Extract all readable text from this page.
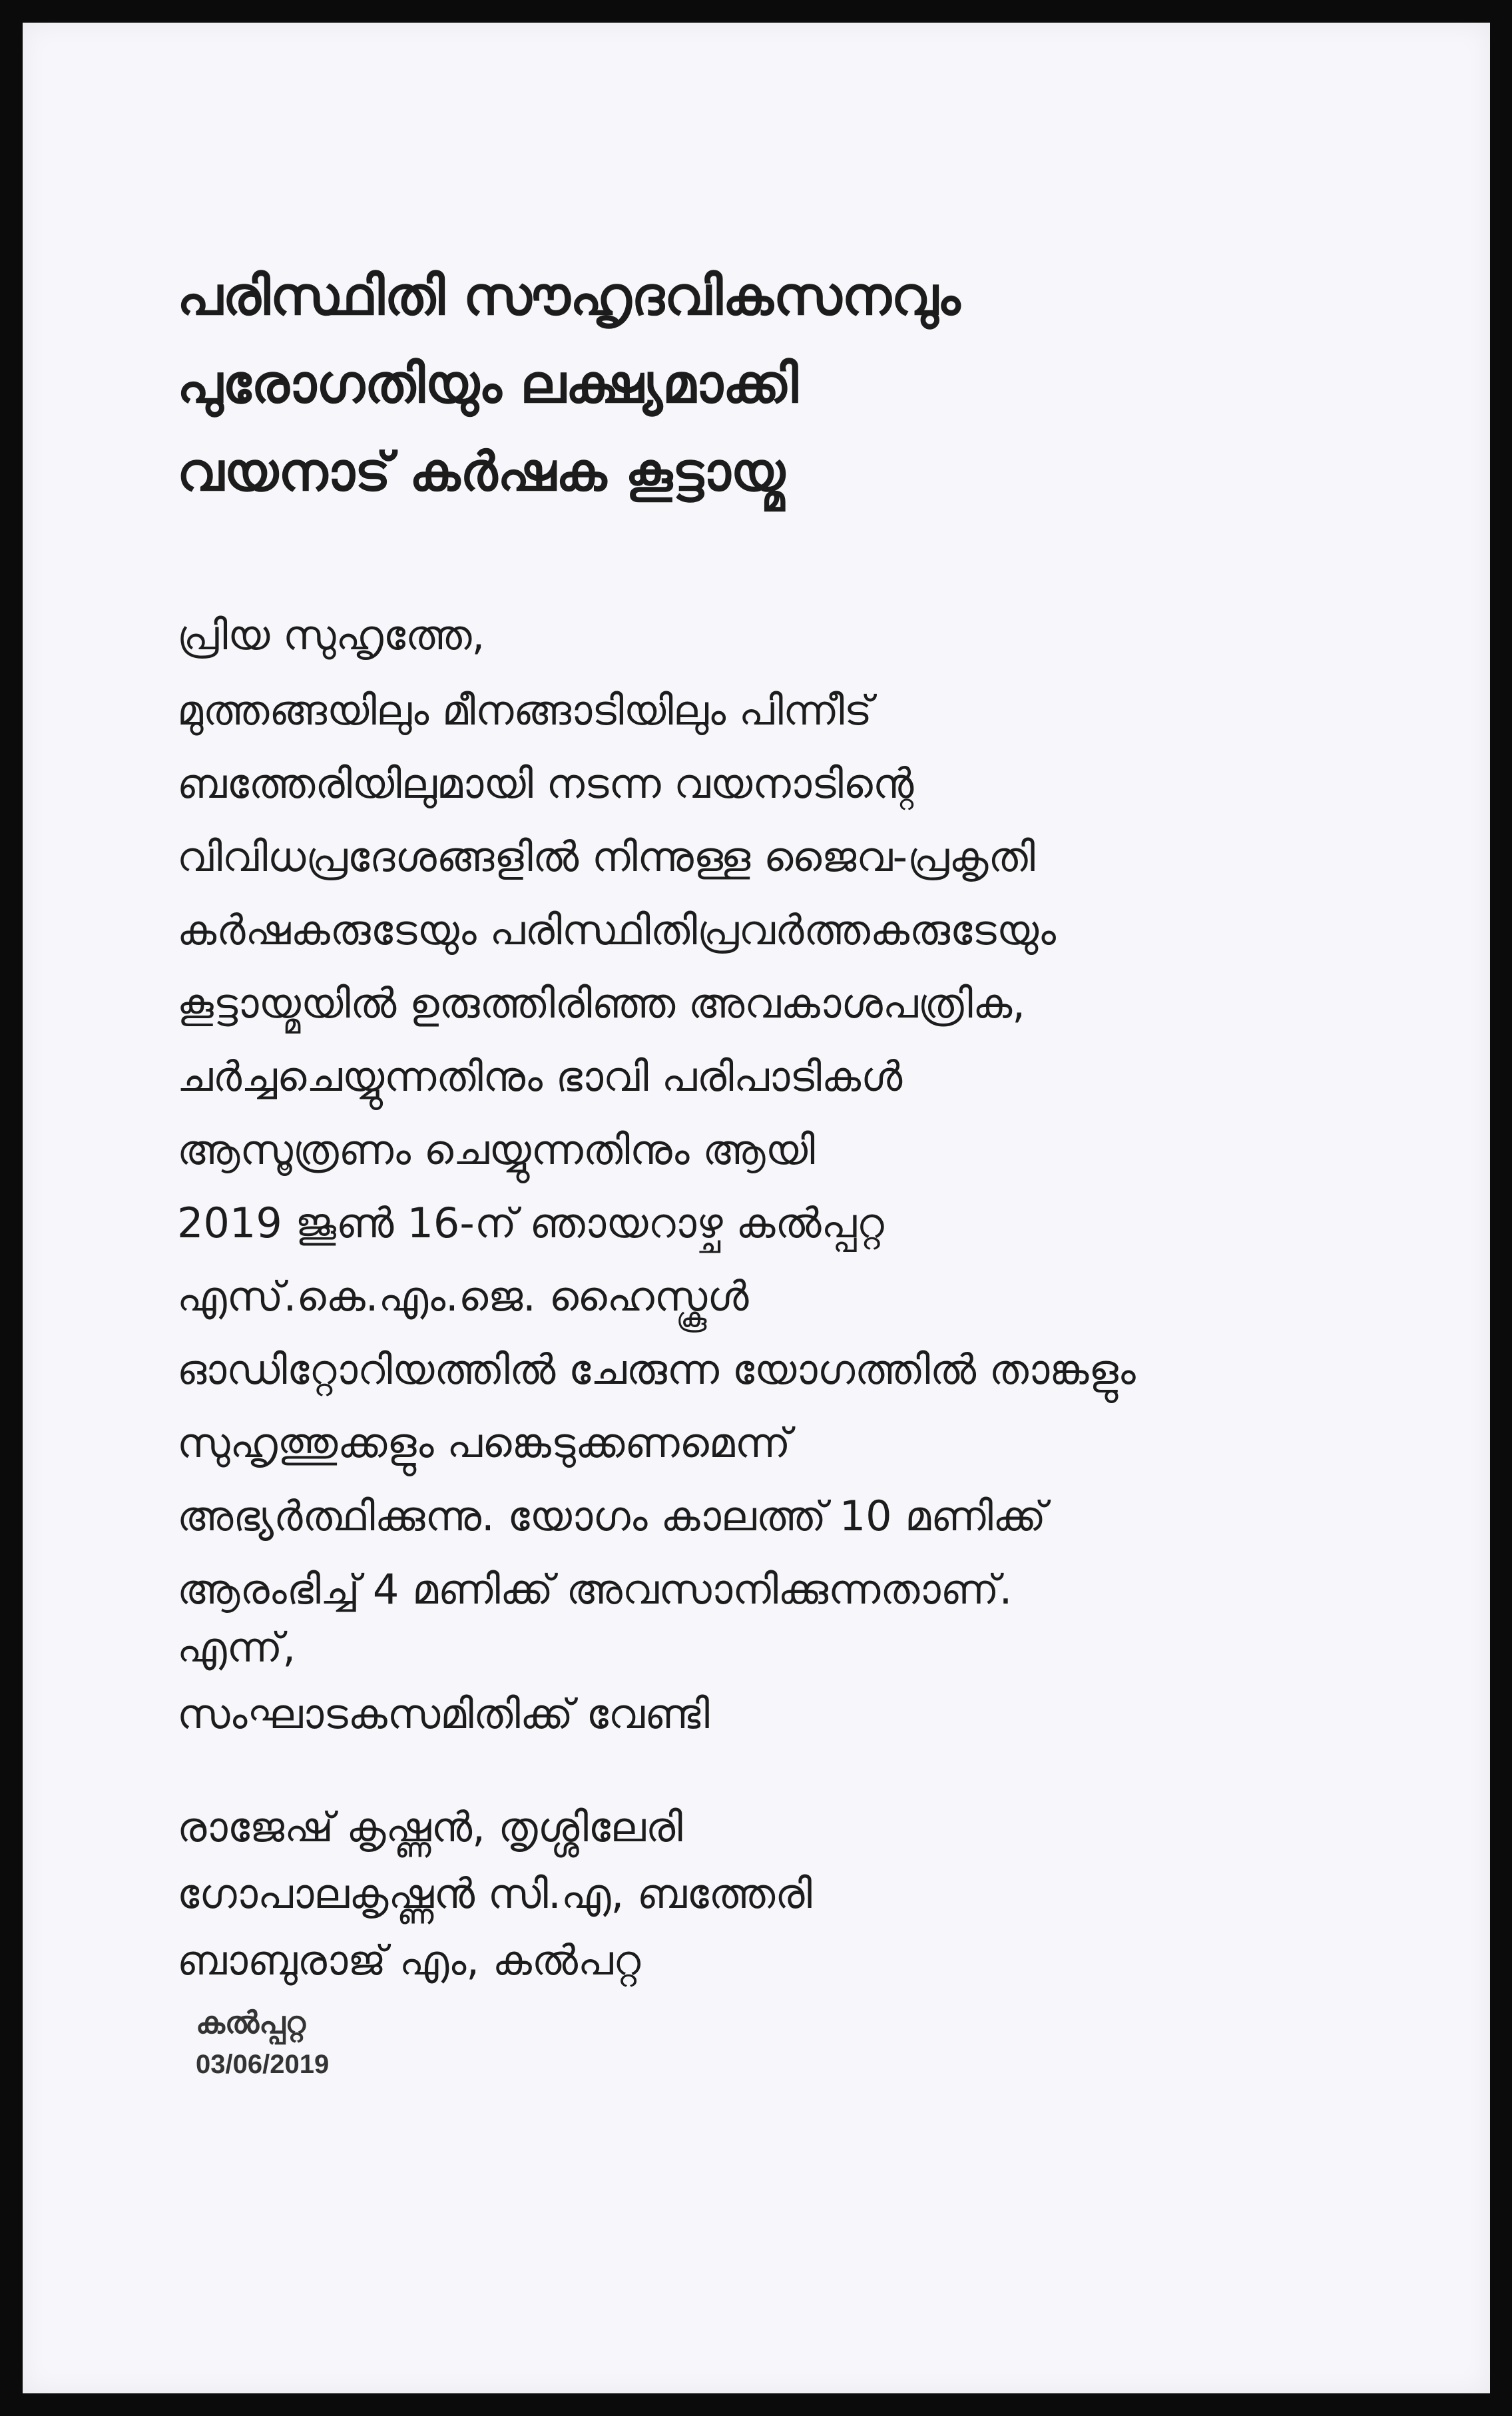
പരിസ്ഥിതി സൗഹൃദവികസനവും
പുരോഗതിയും ലക്ഷ്യമാക്കി
വയനാട് കർഷക കൂട്ടായ്മ
പ്രിയ സുഹൃത്തേ,
മുത്തങ്ങയിലും മീനങ്ങാടിയിലും പിന്നീട്
ബത്തേരിയിലുമായി നടന്ന വയനാടിന്റെ
വിവിധപ്രദേശങ്ങളിൽ നിന്നുള്ള ജൈവ-പ്രകൃതി
കർഷകരുടേയും പരിസ്ഥിതിപ്രവർത്തകരുടേയും
കൂട്ടായ്മയിൽ ഉരുത്തിരിഞ്ഞ അവകാശപത്രിക,
ചർച്ചചെയ്യുന്നതിനും ഭാവി പരിപാടികൾ
ആസൂത്രണം ചെയ്യുന്നതിനും ആയി
2019 ജൂൺ 16-ന് ഞായറാഴ്ച കൽപ്പറ്റ
എസ്.കെ.എം.ജെ. ഹൈസ്കൂൾ
ഓഡിറ്റോറിയത്തിൽ ചേരുന്ന യോഗത്തിൽ താങ്കളും
സുഹൃത്തുക്കളും പങ്കെടുക്കണമെന്ന്
അഭ്യർത്ഥിക്കുന്നു. യോഗം കാലത്ത് 10 മണിക്ക്
ആരംഭിച്ച് 4 മണിക്ക് അവസാനിക്കുന്നതാണ്.
എന്ന്,
സംഘാടകസമിതിക്ക് വേണ്ടി
രാജേഷ് കൃഷ്ണൻ, തൃശ്ശിലേരി
ഗോപാലകൃഷ്ണൻ സി.എ, ബത്തേരി
ബാബുരാജ് എം, കൽപറ്റ
കൽപ്പറ്റ
03/06/2019
